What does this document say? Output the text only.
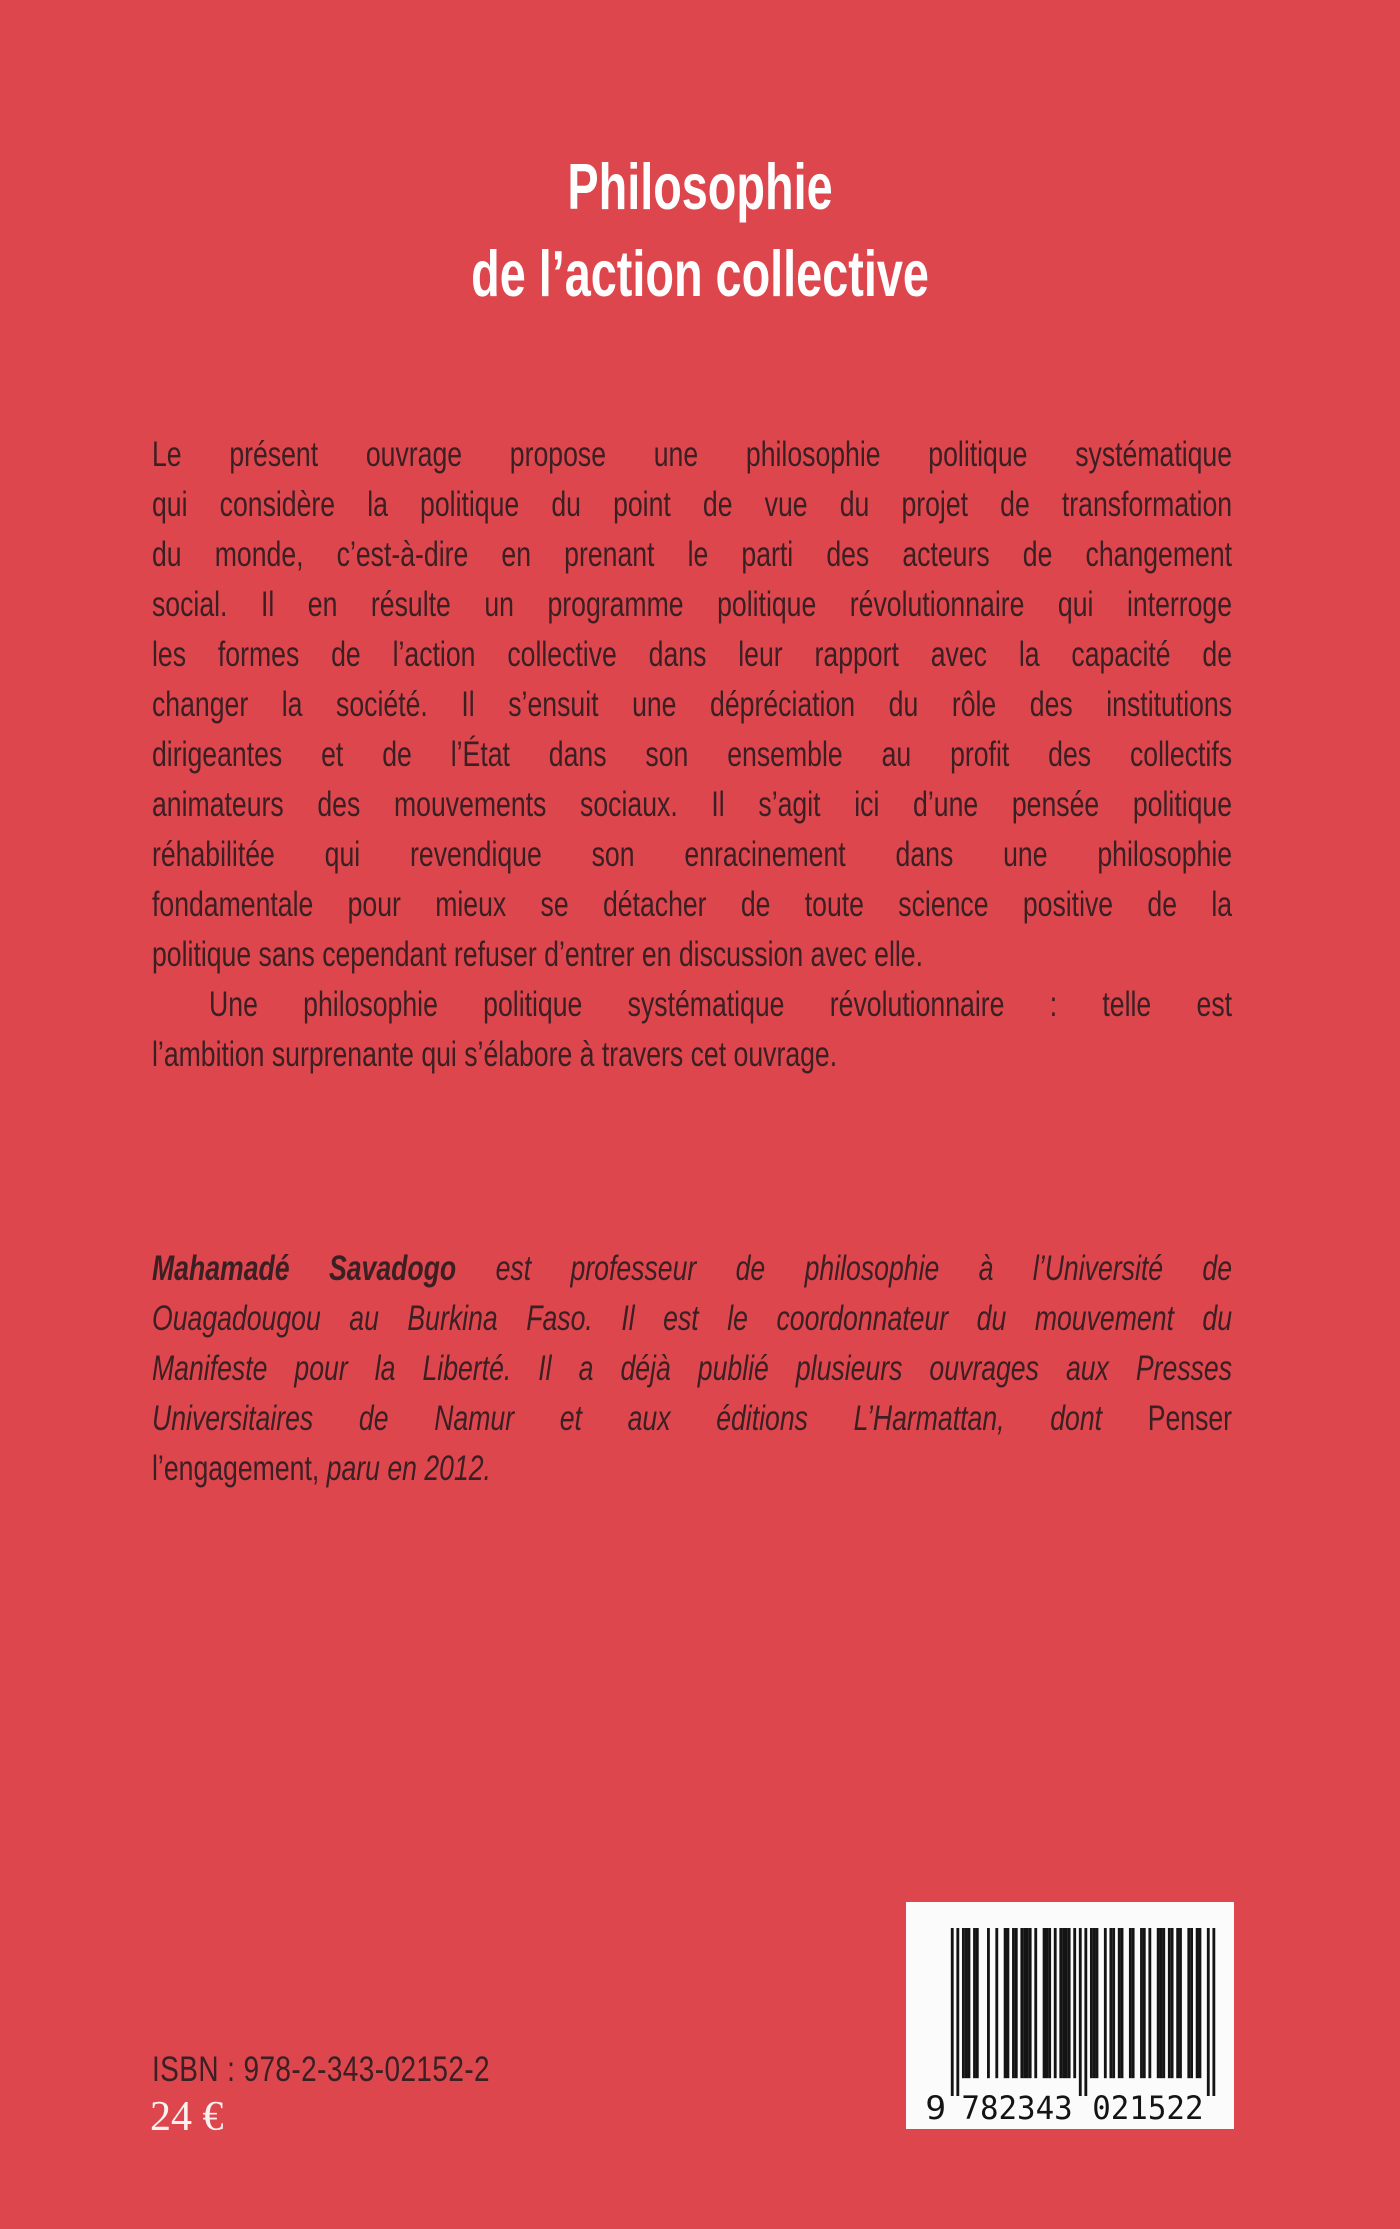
Philosophie
de l’action collective
Le présent ouvrage propose une philosophie politique systématique
qui considère la politique du point de vue du projet de transformation
du monde, c’est-à-dire en prenant le parti des acteurs de changement
social. Il en résulte un programme politique révolutionnaire qui interroge
les formes de l’action collective dans leur rapport avec la capacité de
changer la société. Il s’ensuit une dépréciation du rôle des institutions
dirigeantes et de l’État dans son ensemble au profit des collectifs
animateurs des mouvements sociaux. Il s’agit ici d’une pensée politique
réhabilitée qui revendique son enracinement dans une philosophie
fondamentale pour mieux se détacher de toute science positive de la
politique sans cependant refuser d’entrer en discussion avec elle.
Une philosophie politique systématique révolutionnaire : telle est
l’ambition surprenante qui s’élabore à travers cet ouvrage.
Mahamadé Savadogo est professeur de philosophie à l’Université de
Ouagadougou au Burkina Faso. Il est le coordonnateur du mouvement du
Manifeste pour la Liberté. Il a déjà publié plusieurs ouvrages aux Presses
Universitaires de Namur et aux éditions L’Harmattan, dont Penser
l’engagement, paru en 2012.
9 782343 021522
ISBN : 978-2-343-02152-2
24 €
